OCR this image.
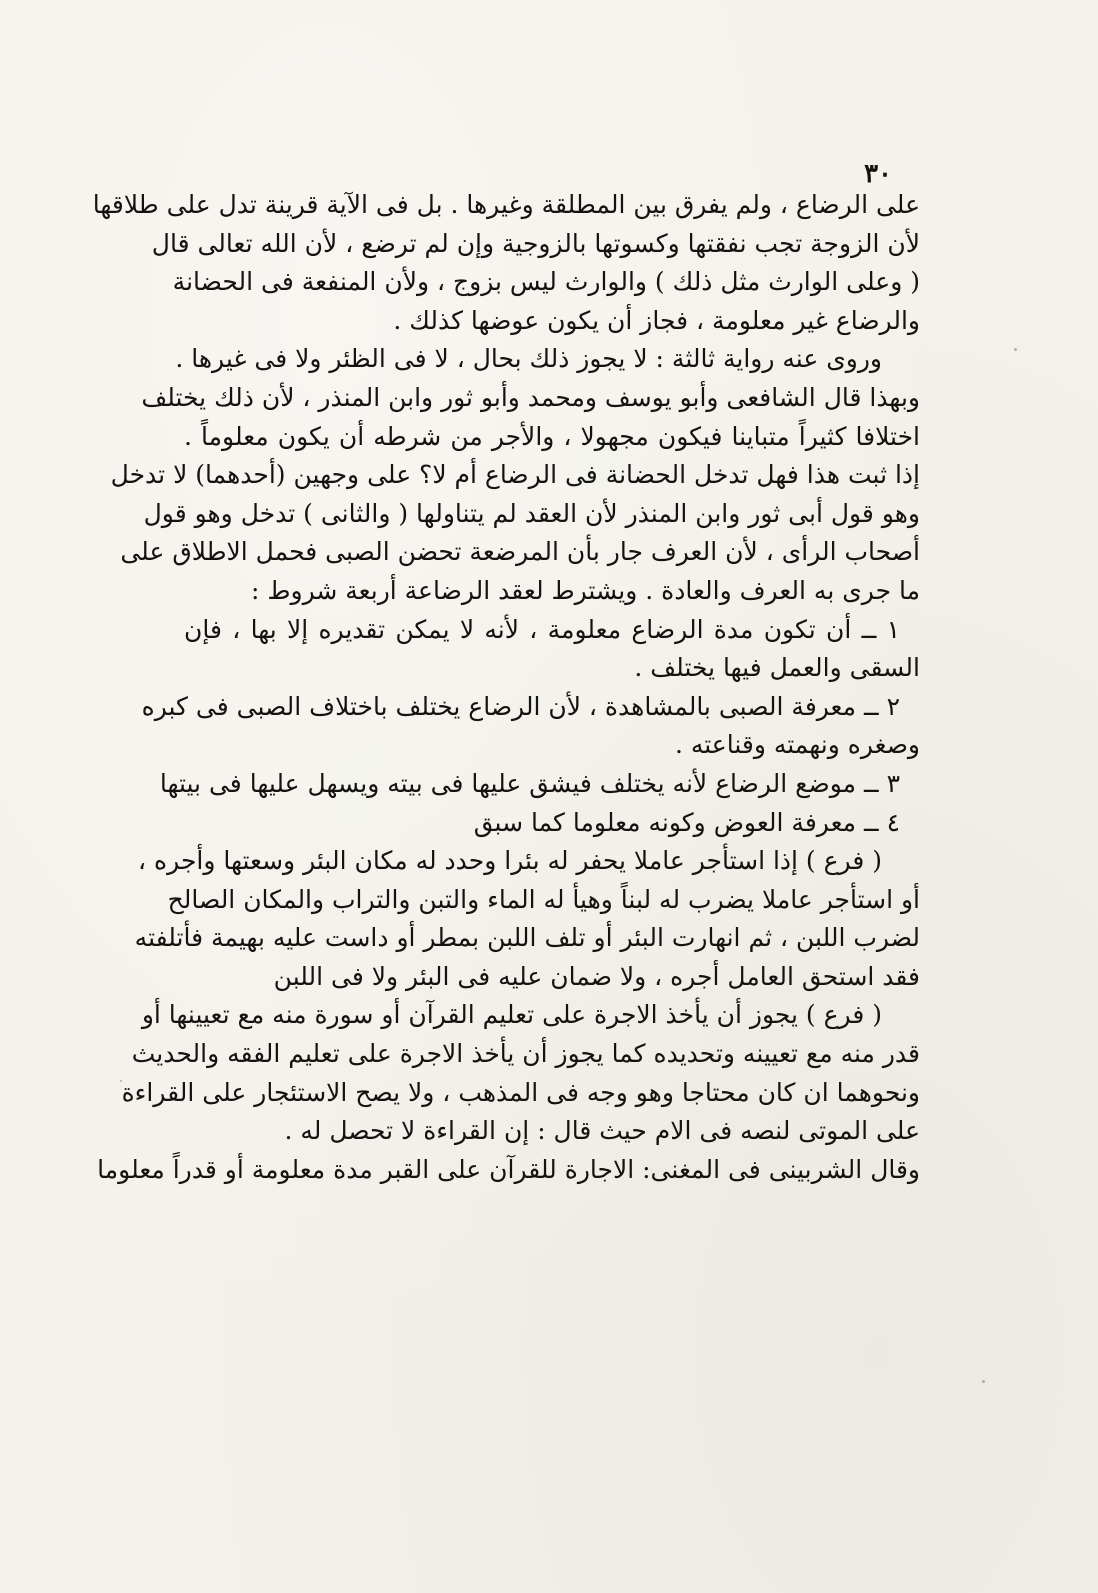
٣٠
على الرضاع ، ولم يفرق بين المطلقة وغيرها . بل فى الآية قرينة تدل على طلاقها
لأن الزوجة تجب نفقتها وكسوتها بالزوجية وإن لم ترضع ، لأن الله تعالى قال
( وعلى الوارث مثل ذلك ) والوارث ليس بزوج ، ولأن المنفعة فى الحضانة
والرضاع غير معلومة ، فجاز أن يكون عوضها كذلك .
وروى عنه رواية ثالثة : لا يجوز ذلك بحال ، لا فى الظئر ولا فى غيرها .
وبهذا قال الشافعى وأبو يوسف ومحمد وأبو ثور وابن المنذر ، لأن ذلك يختلف
اختلافا كثيراً متباينا فيكون مجهولا ، والأجر من شرطه أن يكون معلوماً .
إذا ثبت هذا فهل تدخل الحضانة فى الرضاع أم لا؟ على وجهين (أحدهما) لا تدخل
وهو قول أبى ثور وابن المنذر لأن العقد لم يتناولها ( والثانى ) تدخل وهو قول
أصحاب الرأى ، لأن العرف جار بأن المرضعة تحضن الصبى فحمل الاطلاق على
ما جرى به العرف والعادة . ويشترط لعقد الرضاعة أربعة شروط :
١ ــ أن تكون مدة الرضاع معلومة ، لأنه لا يمكن تقديره إلا بها ، فإن
السقى والعمل فيها يختلف .
٢ ــ معرفة الصبى بالمشاهدة ، لأن الرضاع يختلف باختلاف الصبى فى كبره
وصغره ونهمته وقناعته .
٣ ــ موضع الرضاع لأنه يختلف فيشق عليها فى بيته ويسهل عليها فى بيتها
٤ ــ معرفة العوض وكونه معلوما كما سبق
( فرع ) إذا استأجر عاملا يحفر له بئرا وحدد له مكان البئر وسعتها وأجره ،
أو استأجر عاملا يضرب له لبناً وهيأ له الماء والتبن والتراب والمكان الصالح
لضرب اللبن ، ثم انهارت البئر أو تلف اللبن بمطر أو داست عليه بهيمة فأتلفته
فقد استحق العامل أجره ، ولا ضمان عليه فى البئر ولا فى اللبن
( فرع ) يجوز أن يأخذ الاجرة على تعليم القرآن أو سورة منه مع تعيينها أو
قدر منه مع تعيينه وتحديده كما يجوز أن يأخذ الاجرة على تعليم الفقه والحديث
ونحوهما ان كان محتاجا وهو وجه فى المذهب ، ولا يصح الاستئجار على القراءة
على الموتى لنصه فى الام حيث قال : إن القراءة لا تحصل له .
وقال الشربينى فى المغنى: الاجارة للقرآن على القبر مدة معلومة أو قدراً معلوما
